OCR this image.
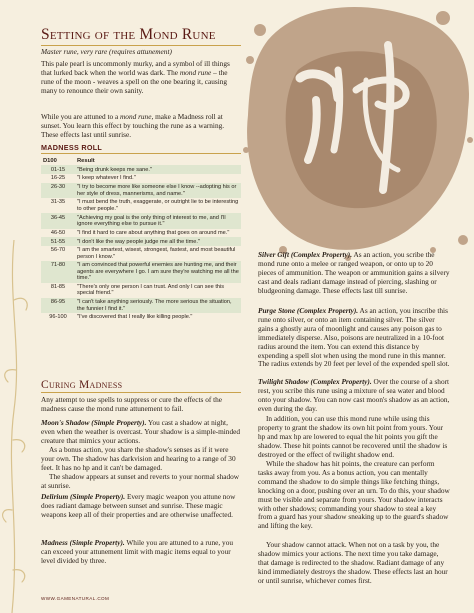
Setting of the Mond Rune
Master rune, very rare (requires attunement)
This pale pearl is uncommonly murky, and a symbol of ill things that lurked back when the world was dark. The mond rune – the rune of the moon - weaves a spell on the one bearing it, causing many to renounce their own sanity.
While you are attuned to a mond rune, make a Madness roll at sunset. You learn this effect by touching the rune as a warning. These effects last until sunrise.
MADNESS ROLL
D100	Result
01-15	"Being drunk keeps me sane."
16-25	"I keep whatever I find."
26-30	"I try to become more like someone else I know --adopting his or her style of dress, mannerisms, and name."
31-35	"I must bend the truth, exaggerate, or outright lie to be interesting to other people."
36-45	"Achieving my goal is the only thing of interest to me, and I'll ignore everything else to pursue it."
46-50	"I find it hard to care about anything that goes on around me."
51-55	"I don't like the way people judge me all the time."
56-70	"I am the smartest, wisest, strongest, fastest, and most beautiful person I know."
71-80	"I am convinced that powerful enemies are hunting me, and their agents are everywhere I go. I am sure they're watching me all the time."
81-85	"There's only one person I can trust. And only I can see this special friend."
86-95	"I can't take anything seriously. The more serious the situation, the funnier I find it."
96-100	"I've discovered that I really like killing people."
Curing Madness
Any attempt to use spells to suppress or cure the effects of the madness cause the mond rune attunement to fail.
Moon's Shadow (Simple Property). You cast a shadow at night, even when the weather is overcast. Your shadow is a simple-minded creature that mimics your actions.
As a bonus action, you share the shadow's senses as if it were your own. The shadow has darkvision and hearing to a range of 30 feet. It has no hp and it can't be damaged.
The shadow appears at sunset and reverts to your normal shadow at sunrise.
Delirium (Simple Property). Every magic weapon you attune now does radiant damage between sunset and sunrise. These magic weapons keep all of their properties and are otherwise unaffected.
Madness (Simple Property). While you are attuned to a rune, you can exceed your attunement limit with magic items equal to your level divided by three.
Silver Gift (Complex Property). As an action, you scribe the mond rune onto a melee or ranged weapon, or onto up to 20 pieces of ammunition. The weapon or ammunition gains a silvery cast and deals radiant damage instead of piercing, slashing or bludgeoning damage. These effects last till sunrise.
Purge Stone (Complex Property). As an action, you inscribe this rune onto silver, or onto an item containing silver. The silver gains a ghostly aura of moonlight and causes any poison gas to immediately disperse. Also, poisons are neutralized in a 10-foot radius around the item. You can extend this distance by expending a spell slot when using the mond rune in this manner. The radius extends by 20 feet per level of the expended spell slot.
Twilight Shadow (Complex Property). Over the course of a short rest, you scribe this rune using a mixture of sea water and blood onto your shadow. You can now cast moon's shadow as an action, even during the day.
In addition, you can use this mond rune while using this property to grant the shadow its own hit point from yours. Your hp and max hp are lowered to equal the hit points you gift the shadow. These hit points cannot be recovered until the shadow is destroyed or the effect of twilight shadow end.
While the shadow has hit points, the creature can perform tasks away from you. As a bonus action, you can mentally command the shadow to do simple things like fetching things, knocking on a door, pushing over an urn. To do this, your shadow must be visible and separate from yours. Your shadow interacts with other shadows; commanding your shadow to steal a key from a guard has your shadow sneaking up to the guard's shadow and lifting the key.
Your shadow cannot attack. When not on a task by you, the shadow mimics your actions. The next time you take damage, that damage is redirected to the shadow. Radiant damage of any kind immediately destroys the shadow. These effects last an hour or until sunrise, whichever comes first.
WWW.GAMENATURAL.COM
